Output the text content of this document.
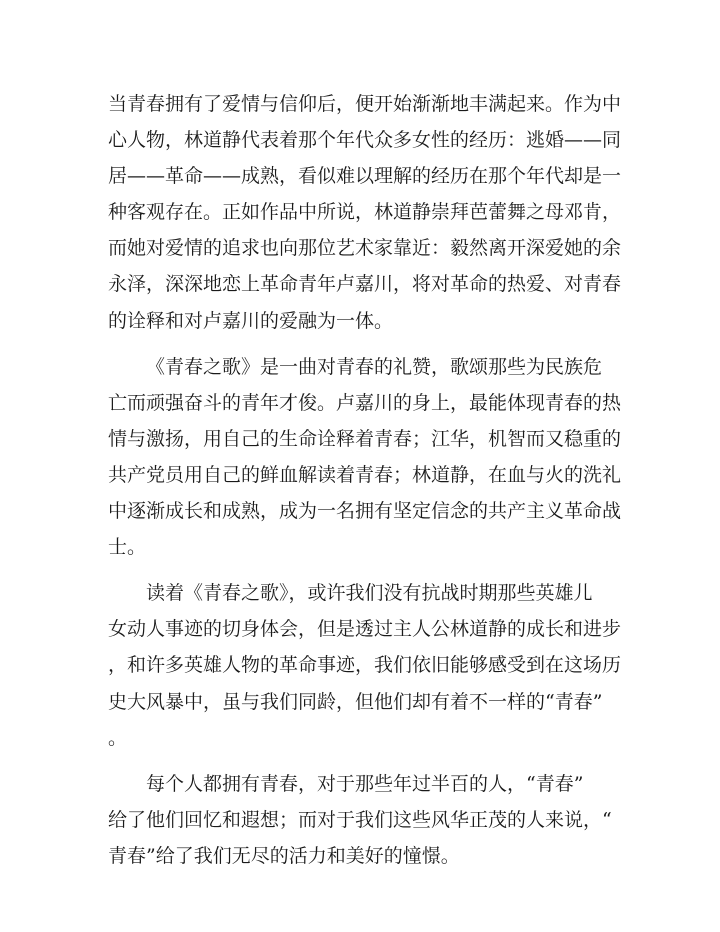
当青春拥有了爱情与信仰后，便开始渐渐地丰满起来。作为中
心人物，林道静代表着那个年代众多女性的经历：逃婚——同
居——革命——成熟，看似难以理解的经历在那个年代却是一
种客观存在。正如作品中所说，林道静崇拜芭蕾舞之母邓肯，
而她对爱情的追求也向那位艺术家靠近：毅然离开深爱她的余
永泽，深深地恋上革命青年卢嘉川，将对革命的热爱、对青春
的诠释和对卢嘉川的爱融为一体。
《青春之歌》是一曲对青春的礼赞，歌颂那些为民族危
亡而顽强奋斗的青年才俊。卢嘉川的身上，最能体现青春的热
情与激扬，用自己的生命诠释着青春；江华，机智而又稳重的
共产党员用自己的鲜血解读着青春；林道静，在血与火的洗礼
中逐渐成长和成熟，成为一名拥有坚定信念的共产主义革命战
士。
读着《青春之歌》，或许我们没有抗战时期那些英雄儿
女动人事迹的切身体会，但是透过主人公林道静的成长和进步
，和许多英雄人物的革命事迹，我们依旧能够感受到在这场历
史大风暴中，虽与我们同龄，但他们却有着不一样的“青春”
。
每个人都拥有青春，对于那些年过半百的人，“青春”
给了他们回忆和遐想；而对于我们这些风华正茂的人来说，“
青春”给了我们无尽的活力和美好的憧憬。
